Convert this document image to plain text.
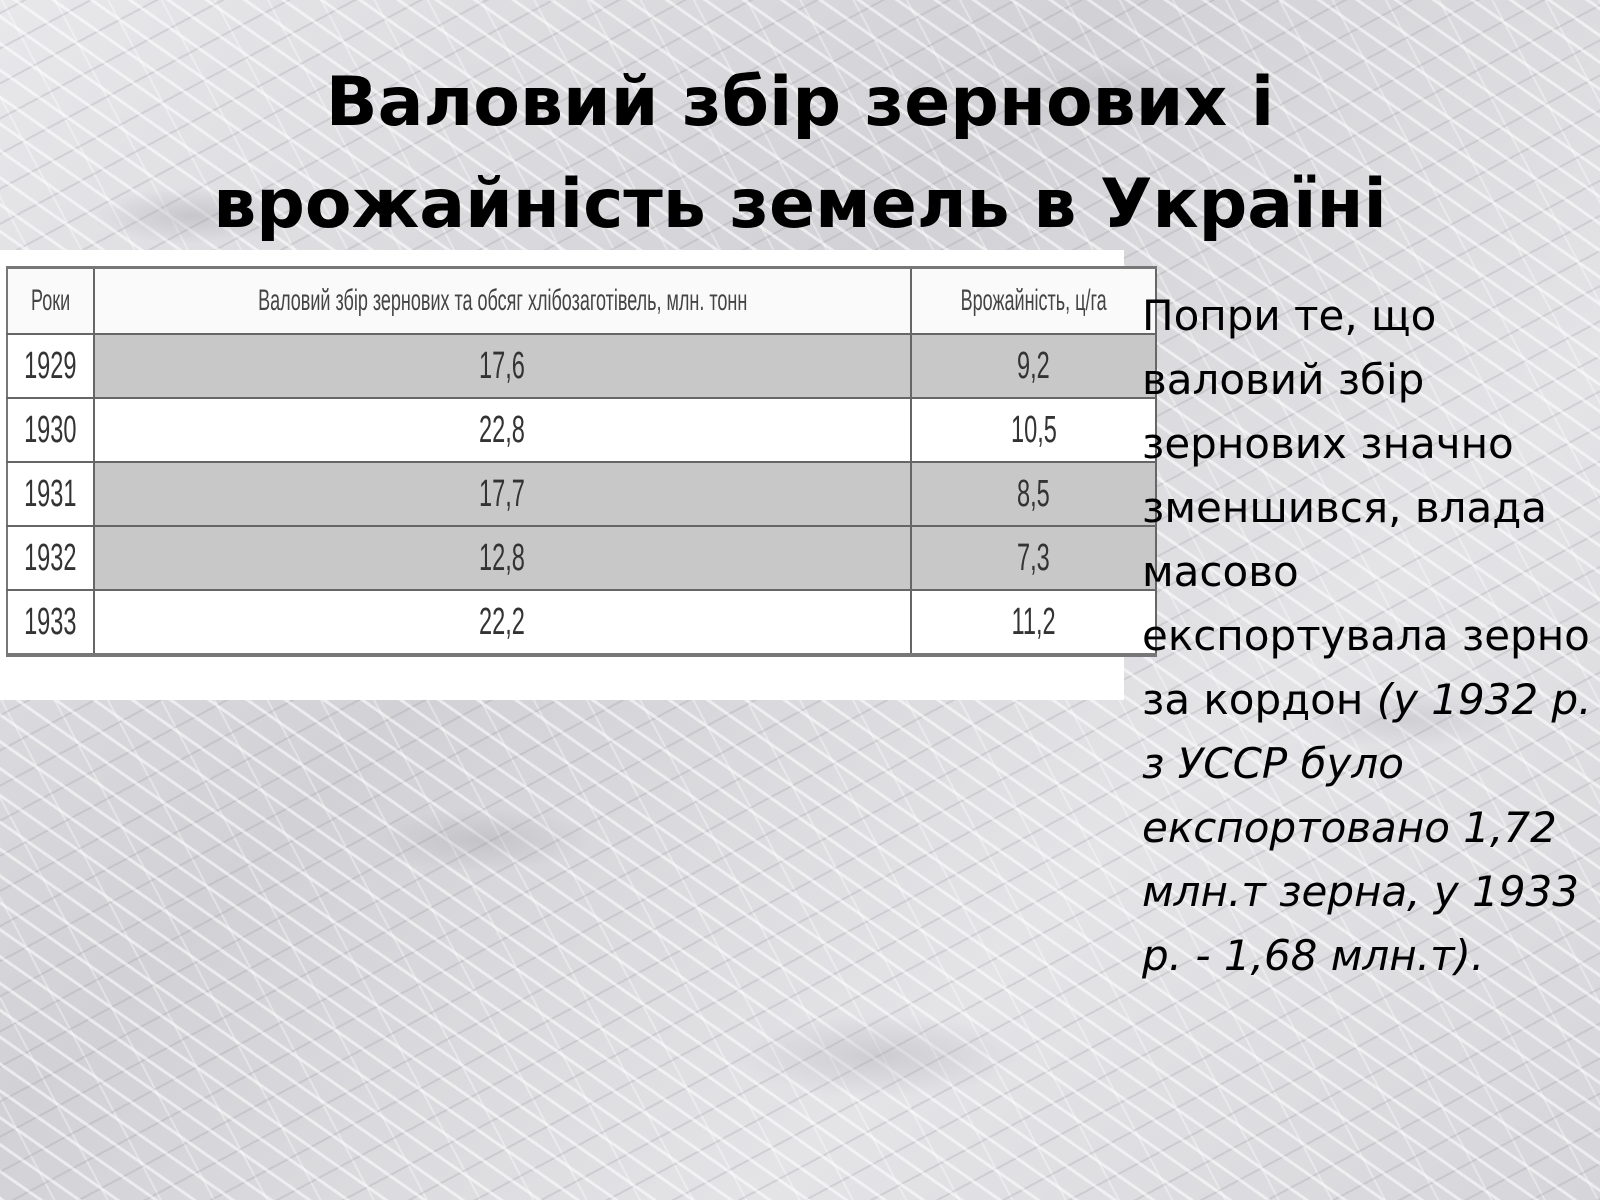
Валовий збір зернових і
врожайність земель в Україні
Роки	Валовий збір зернових та обсяг хлібозаготівель, млн. тонн	Врожайність, ц/га
1929	17,6	9,2
1930	22,8	10,5
1931	17,7	8,5
1932	12,8	7,3
1933	22,2	11,2

Попри те, що валовий збір зернових значно зменшився, влада масово експортувала зерно за кордон (у 1932 р. з УССР було експортовано 1,72 млн.т зерна, у 1933 р. - 1,68 млн.т).
